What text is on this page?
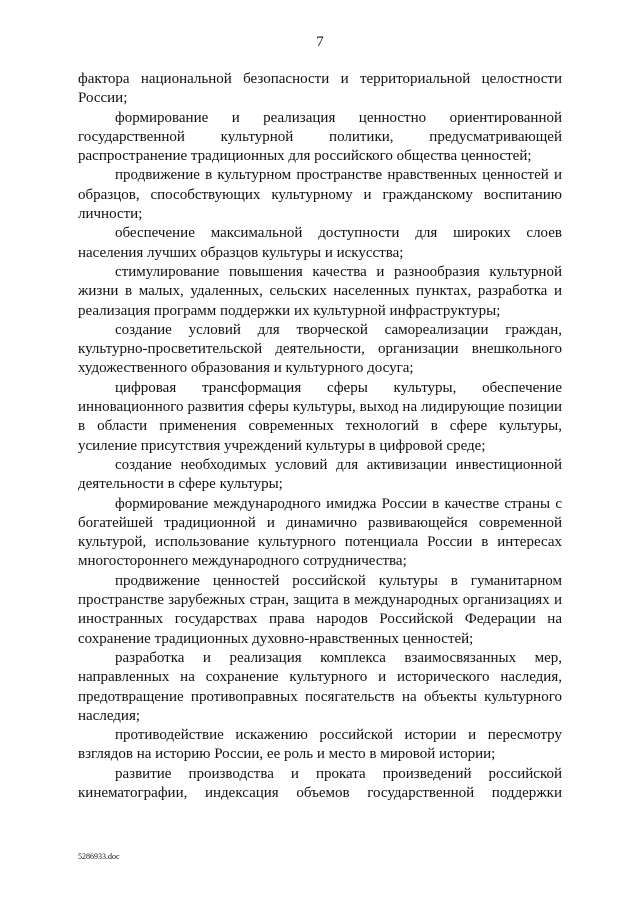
7

фактора национальной безопасности и территориальной целостности России;

формирование и реализация ценностно ориентированной государственной культурной политики, предусматривающей распространение традиционных для российского общества ценностей;

продвижение в культурном пространстве нравственных ценностей и образцов, способствующих культурному и гражданскому воспитанию личности;

обеспечение максимальной доступности для широких слоев населения лучших образцов культуры и искусства;

стимулирование повышения качества и разнообразия культурной жизни в малых, удаленных, сельских населенных пунктах, разработка и реализация программ поддержки их культурной инфраструктуры;

создание условий для творческой самореализации граждан, культурно-просветительской деятельности, организации внешкольного художественного образования и культурного досуга;

цифровая трансформация сферы культуры, обеспечение инновационного развития сферы культуры, выход на лидирующие позиции в области применения современных технологий в сфере культуры, усиление присутствия учреждений культуры в цифровой среде;

создание необходимых условий для активизации инвестиционной деятельности в сфере культуры;

формирование международного имиджа России в качестве страны с богатейшей традиционной и динамично развивающейся современной культурой, использование культурного потенциала России в интересах многостороннего международного сотрудничества;

продвижение ценностей российской культуры в гуманитарном пространстве зарубежных стран, защита в международных организациях и иностранных государствах права народов Российской Федерации на сохранение традиционных духовно-нравственных ценностей;

разработка и реализация комплекса взаимосвязанных мер, направленных на сохранение культурного и исторического наследия, предотвращение противоправных посягательств на объекты культурного наследия;

противодействие искажению российской истории и пересмотру взглядов на историю России, ее роль и место в мировой истории;

развитие производства и проката произведений российской кинематографии, индексация объемов государственной поддержки

5286933.doc
